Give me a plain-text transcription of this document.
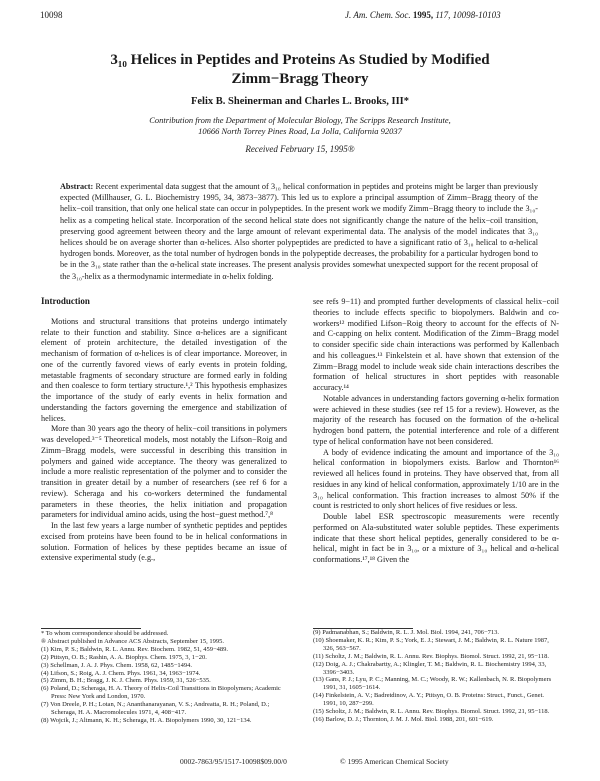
10098	J. Am. Chem. Soc. 1995, 117, 10098-10103
3₁₀ Helices in Peptides and Proteins As Studied by Modified
Zimm−Bragg Theory
Felix B. Sheinerman and Charles L. Brooks, III*
Contribution from the Department of Molecular Biology, The Scripps Research Institute,
10666 North Torrey Pines Road, La Jolla, California 92037
Received February 15, 1995®
Abstract: Recent experimental data suggest that the amount of 3₁₀ helical conformation in peptides and proteins might be larger than previously expected (Millhauser, G. L. Biochemistry 1995, 34, 3873−3877). This led us to explore a principal assumption of Zimm−Bragg theory of the helix−coil transition, that only one helical state can occur in polypeptides. In the present work we modify Zimm−Bragg theory to include the 3₁₀-helix as a competing helical state. Incorporation of the second helical state does not significantly change the nature of the helix−coil transition, preserving good agreement between theory and the large amount of relevant experimental data. The analysis of the model indicates that 3₁₀ helices should be on average shorter than α-helices. Also shorter polypeptides are predicted to have a significant ratio of 3₁₀ helical to α-helical hydrogen bonds. Moreover, as the total number of hydrogen bonds in the polypeptide decreases, the probability for a particular hydrogen bond to be in the 3₁₀ state rather than the α-helical state increases. The present analysis provides somewhat unexpected support for the recent proposal of the 3₁₀-helix as a thermodynamic intermediate in α-helix folding.
Introduction

Motions and structural transitions that proteins undergo intimately relate to their function and stability. Since α-helices are a significant element of protein architecture, the detailed investigation of the mechanism of formation of α-helices is of clear importance. Moreover, in one of the currently favored views of early events in protein folding, metastable fragments of secondary structure are formed early in folding and then coalesce to form tertiary structure.¹,² This hypothesis emphasizes the importance of the study of early events in helix formation and understanding the factors governing the emergence and stabilization of helices.

More than 30 years ago the theory of helix−coil transitions in polymers was developed.³⁻⁵ Theoretical models, most notably the Lifson−Roig and Zimm−Bragg models, were successful in describing this transition in polymers and gained wide acceptance. The theory was generalized to include a more realistic representation of the polymer and to consider the transition in greater detail by a number of researchers (see ref 6 for a review). Scheraga and his co-workers determined the fundamental parameters in these theories, the helix initiation and propagation parameters for individual amino acids, using the host−guest method.⁷,⁸

In the last few years a large number of synthetic peptides and peptides excised from proteins have been found to be in helical conformations in solution. Formation of helices by these peptides became an issue of extensive experimental study (e.g.,

see refs 9−11) and prompted further developments of classical helix−coil theories to include effects specific to biopolymers. Baldwin and co-workers¹² modified Lifson−Roig theory to account for the effects of N- and C-capping on helix content. Modification of the Zimm−Bragg model to consider specific side chain interactions was performed by Kallenbach and his colleagues.¹³ Finkelstein et al. have shown that extension of the Zimm−Bragg model to include weak side chain interactions describes the formation of helical structures in short peptides with reasonable accuracy.¹⁴

Notable advances in understanding factors governing α-helix formation were achieved in these studies (see ref 15 for a review). However, as the majority of the research has focused on the formation of the α-helical hydrogen bond pattern, the potential interference and role of a different type of helical conformation have not been considered.

A body of evidence indicating the amount and importance of the 3₁₀ helical conformation in biopolymers exists. Barlow and Thornton¹⁶ reviewed all helices found in proteins. They have observed that, from all residues in any kind of helical conformation, approximately 1/10 are in the 3₁₀ helical conformation. This fraction increases to almost 50% if the count is restricted to only short helices of five residues or less.

Double label ESR spectroscopic measurements were recently performed on Ala-substituted water soluble peptides. These experiments indicate that these short helical peptides, generally considered to be α-helical, might in fact be in 3₁₀, or a mixture of 3₁₀ helical and α-helical conformations.¹⁷,¹⁸ Given the

* To whom correspondence should be addressed.
® Abstract published in Advance ACS Abstracts, September 15, 1995.
(1) Kim, P. S.; Baldwin, R. L. Annu. Rev. Biochem. 1982, 51, 459−489.
(2) Ptitsyn, O. B.; Rashin, A. A. Biophys. Chem. 1975, 3, 1−20.
(3) Schellman, J. A. J. Phys. Chem. 1958, 62, 1485−1494.
(4) Lifson, S.; Roig, A. J. Chem. Phys. 1961, 34, 1963−1974.
(5) Zimm, B. H.; Bragg, J. K. J. Chem. Phys. 1959, 31, 526−535.
(6) Poland, D.; Scheraga, H. A. Theory of Helix-Coil Transitions in Biopolymers; Academic Press: New York and London, 1970.
(7) Von Dreele, P. H.; Lotan, N.; Ananthanarayanan, V. S.; Andreatta, R. H.; Poland, D.; Scheraga, H. A. Macromolecules 1971, 4, 408−417.
(8) Wojcik, J.; Altmann, K. H.; Scheraga, H. A. Biopolymers 1990, 30, 121−134.
(9) Padmanabhan, S.; Baldwin, R. L. J. Mol. Biol. 1994, 241, 706−713.
(10) Shoemaker, K. R.; Kim, P. S.; York, E. J.; Stewart, J. M.; Baldwin, R. L. Nature 1987, 326, 563−567.
(11) Scholtz, J. M.; Baldwin, R. L. Annu. Rev. Biophys. Biomol. Struct. 1992, 21, 95−118.
(12) Doig, A. J.; Chakrabartty, A.; Klingler, T. M.; Baldwin, R. L. Biochemistry 1994, 33, 3396−3403.
(13) Gans, P. J.; Lyu, P. C.; Manning, M. C.; Woody, R. W.; Kallenbach, N. R. Biopolymers 1991, 31, 1605−1614.
(14) Finkelstein, A. V.; Badretdinov, A. Y.; Ptitsyn, O. B. Proteins: Struct., Funct., Genet. 1991, 10, 287−299.
(15) Scholtz, J. M.; Baldwin, R. L. Annu. Rev. Biophys. Biomol. Struct. 1992, 21, 95−118.
(16) Barlow, D. J.; Thornton, J. M. J. Mol. Biol. 1988, 201, 601−619.
0002-7863/95/1517-10098$09.00/0	© 1995 American Chemical Society
